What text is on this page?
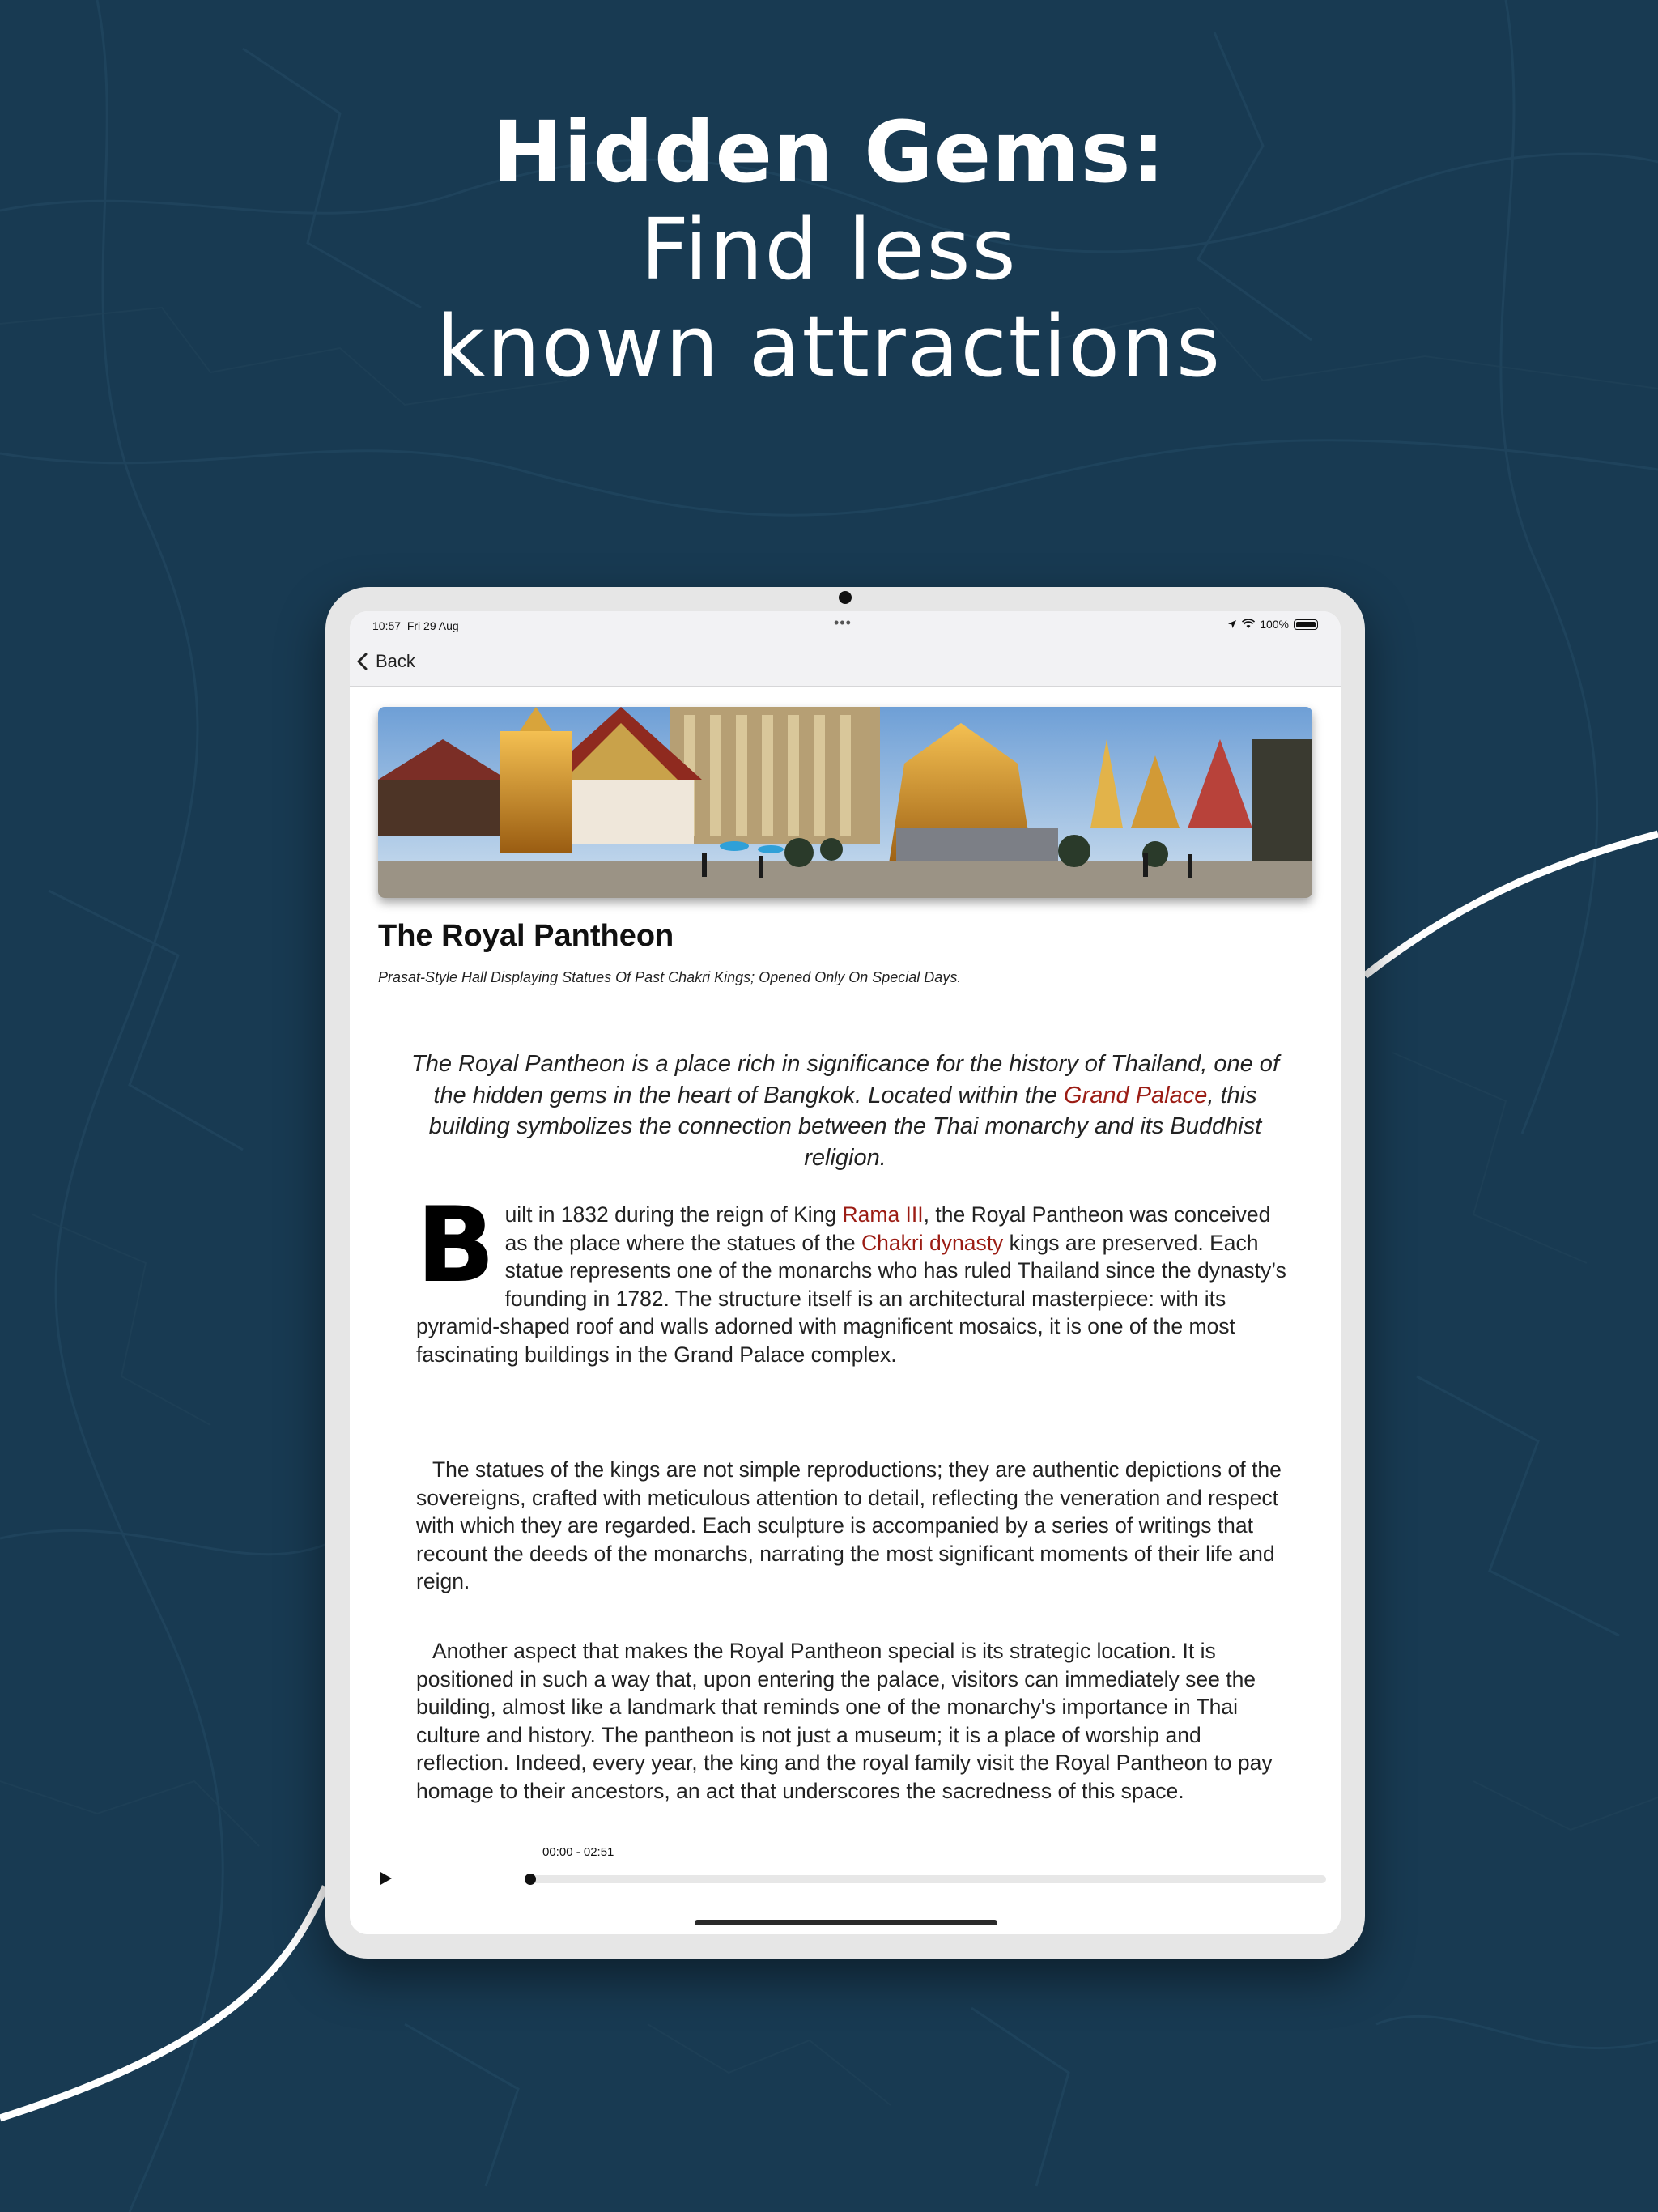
Hidden Gems:
Find less
known attractions
10:57 Fri 29 Aug	•••	100%
Back
The Royal Pantheon
Prasat-Style Hall Displaying Statues Of Past Chakri Kings; Opened Only On Special Days.
The Royal Pantheon is a place rich in significance for the history of Thailand, one of the hidden gems in the heart of Bangkok. Located within the Grand Palace, this building symbolizes the connection between the Thai monarchy and its Buddhist religion.
Built in 1832 during the reign of King Rama III, the Royal Pantheon was conceived as the place where the statues of the Chakri dynasty kings are preserved. Each statue represents one of the monarchs who has ruled Thailand since the dynasty’s founding in 1782. The structure itself is an architectural masterpiece: with its pyramid-shaped roof and walls adorned with magnificent mosaics, it is one of the most fascinating buildings in the Grand Palace complex.
The statues of the kings are not simple reproductions; they are authentic depictions of the sovereigns, crafted with meticulous attention to detail, reflecting the veneration and respect with which they are regarded. Each sculpture is accompanied by a series of writings that recount the deeds of the monarchs, narrating the most significant moments of their life and reign.
Another aspect that makes the Royal Pantheon special is its strategic location. It is positioned in such a way that, upon entering the palace, visitors can immediately see the building, almost like a landmark that reminds one of the monarchy's importance in Thai culture and history. The pantheon is not just a museum; it is a place of worship and reflection. Indeed, every year, the king and the royal family visit the Royal Pantheon to pay homage to their ancestors, an act that underscores the sacredness of this space.
00:00 - 02:51
